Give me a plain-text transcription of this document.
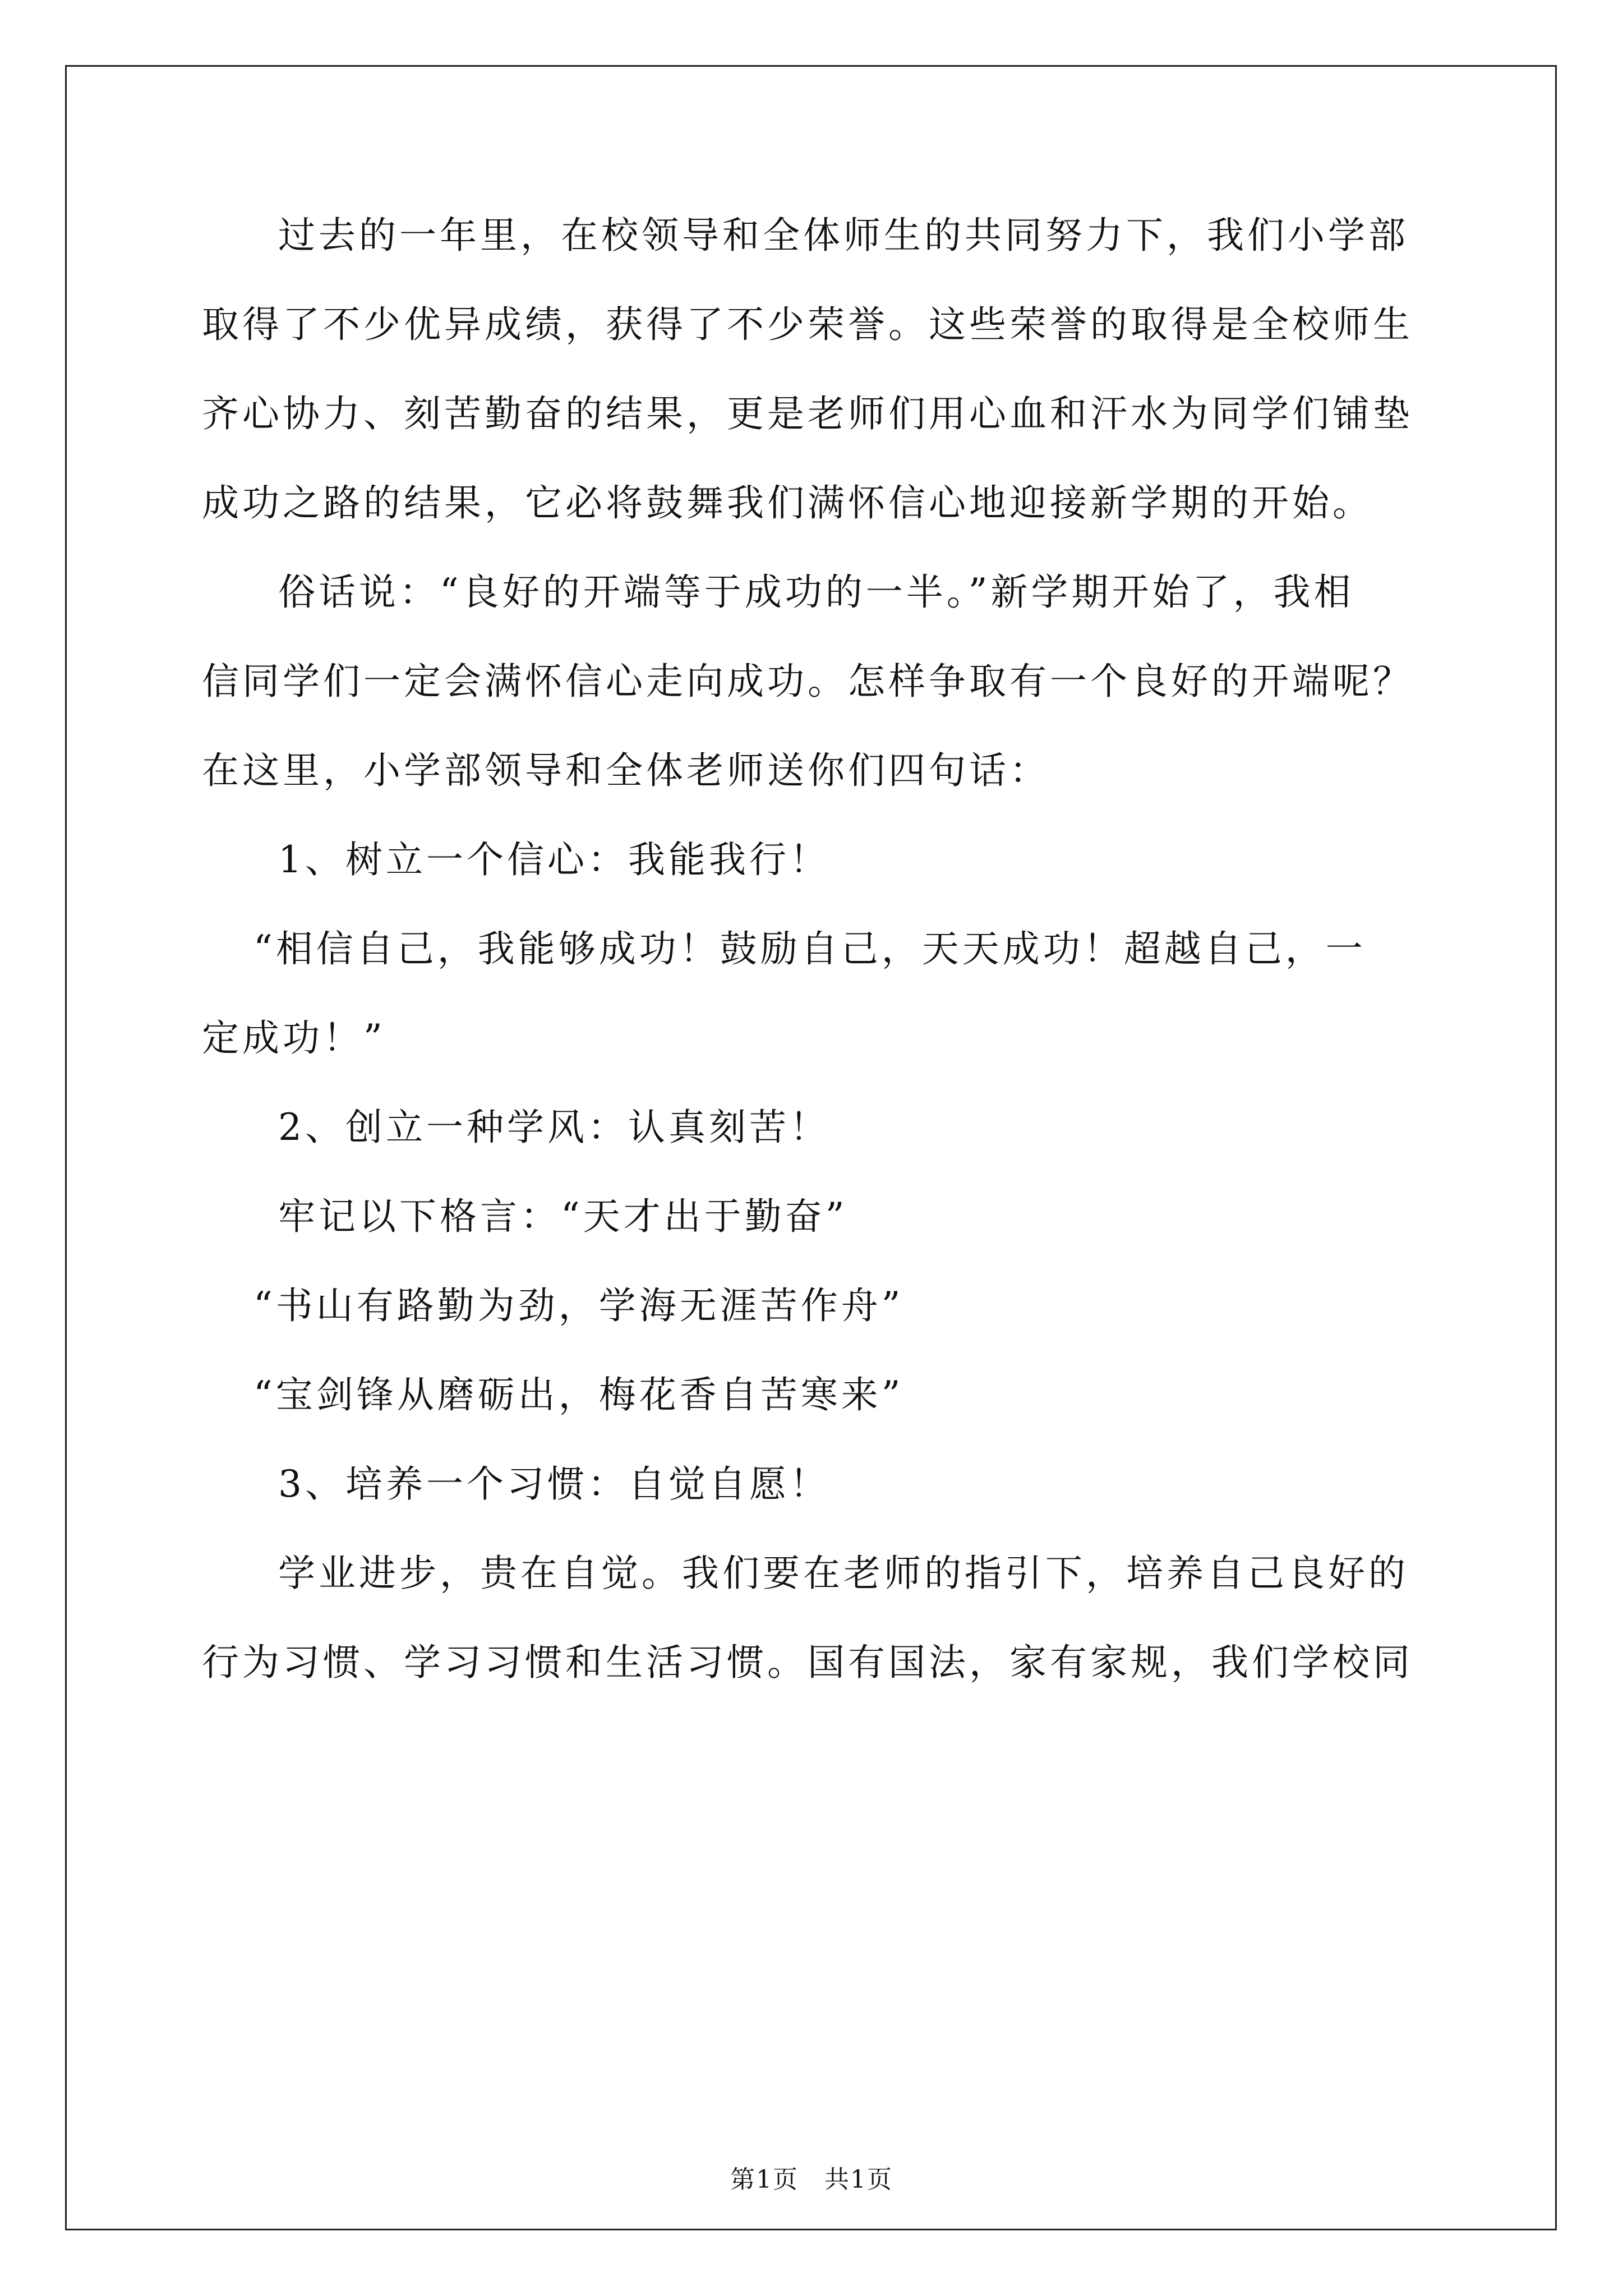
过去的一年里，在校领导和全体师生的共同努力下，我们小学部
取得了不少优异成绩，获得了不少荣誉。这些荣誉的取得是全校师生
齐心协力、刻苦勤奋的结果，更是老师们用心血和汗水为同学们铺垫
成功之路的结果，它必将鼓舞我们满怀信心地迎接新学期的开始。
俗话说：“良好的开端等于成功的一半。”新学期开始了，我相
信同学们一定会满怀信心走向成功。怎样争取有一个良好的开端呢？
在这里，小学部领导和全体老师送你们四句话：
1、树立一个信心：我能我行！
“相信自己，我能够成功！鼓励自己，天天成功！超越自己，一
定成功！”
2、创立一种学风：认真刻苦！
牢记以下格言：“天才出于勤奋”
“书山有路勤为劲，学海无涯苦作舟”
“宝剑锋从磨砺出，梅花香自苦寒来”
3、培养一个习惯：自觉自愿！
学业进步，贵在自觉。我们要在老师的指引下，培养自己良好的
行为习惯、学习习惯和生活习惯。国有国法，家有家规，我们学校同
第1页　共1页
